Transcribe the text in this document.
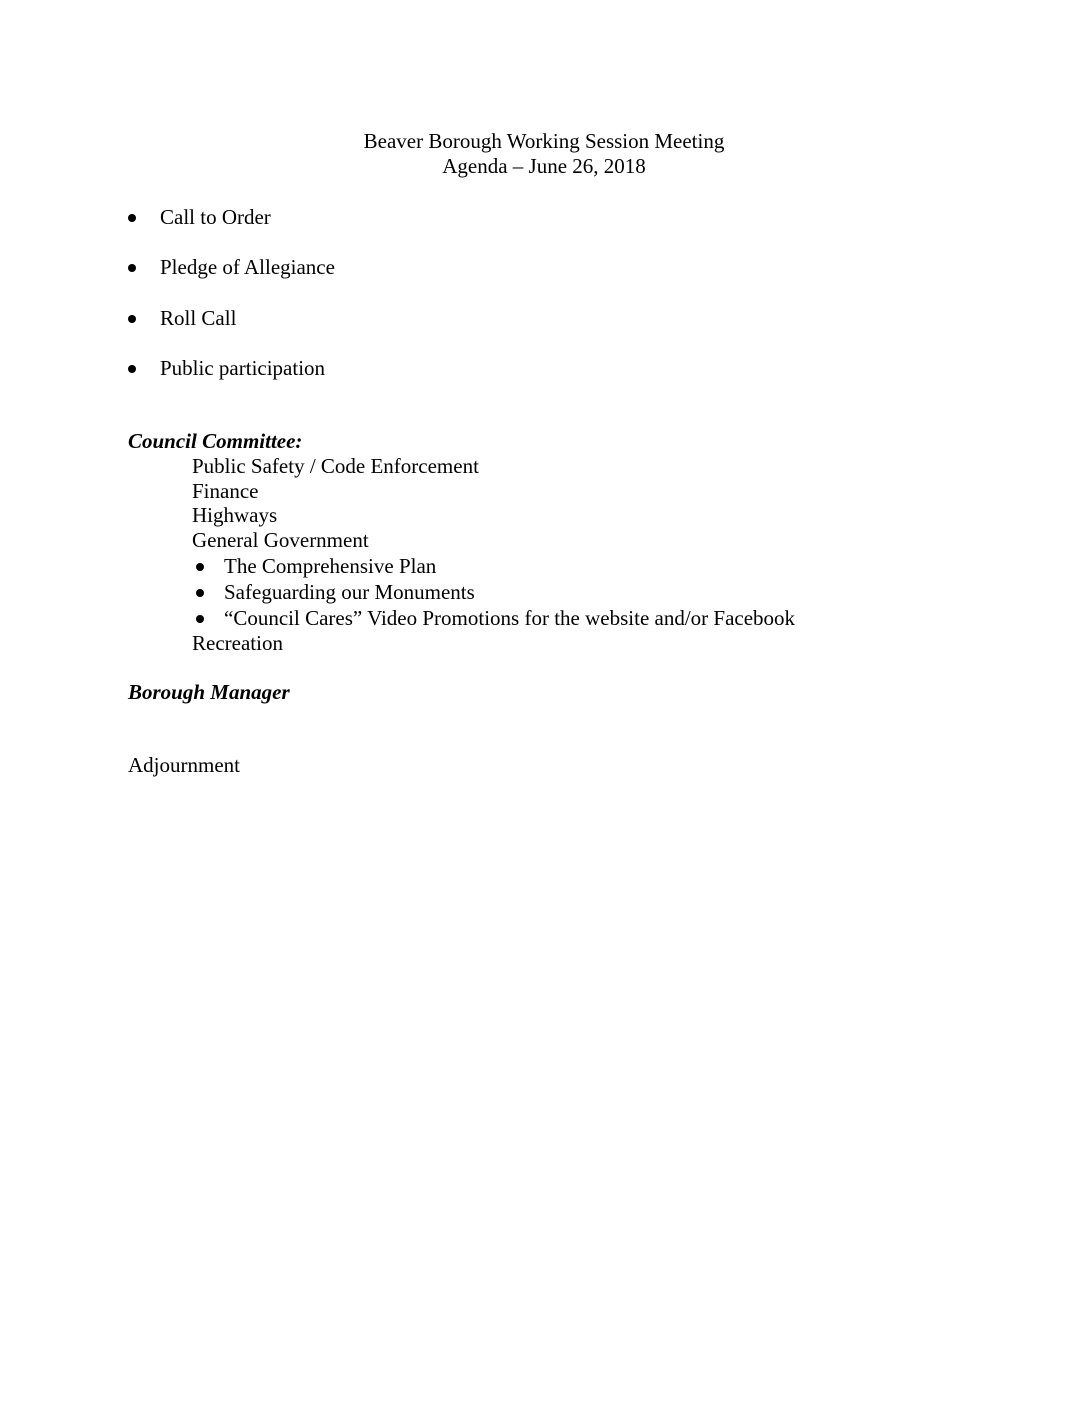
Beaver Borough Working Session Meeting
Agenda – June 26, 2018
Call to Order
Pledge of Allegiance
Roll Call
Public participation
Council Committee:
Public Safety / Code Enforcement
Finance
Highways
General Government
The Comprehensive Plan
Safeguarding our Monuments
“Council Cares” Video Promotions for the website and/or Facebook
Recreation
Borough Manager
Adjournment
